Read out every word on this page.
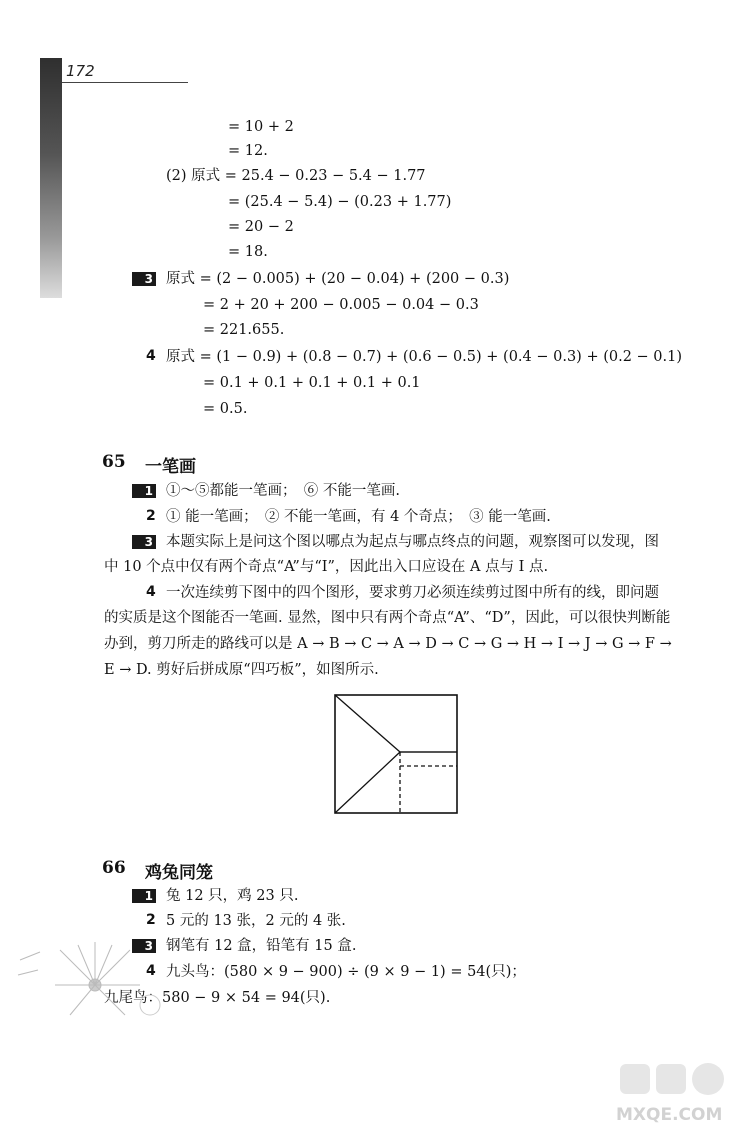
172
= 10 + 2
= 12.
(2) 原式 = 25.4 − 0.23 − 5.4 − 1.77
= (25.4 − 5.4) − (0.23 + 1.77)
= 20 − 2
= 18.
3 原式 = (2 − 0.005) + (20 − 0.04) + (200 − 0.3)
= 2 + 20 + 200 − 0.005 − 0.04 − 0.3
= 221.655.
4 原式 = (1 − 0.9) + (0.8 − 0.7) + (0.6 − 0.5) + (0.4 − 0.3) + (0.2 − 0.1)
= 0.1 + 0.1 + 0.1 + 0.1 + 0.1
= 0.5.
65 一笔画
1 ①～⑤都能一笔画；　⑥ 不能一笔画.
2 ① 能一笔画；　② 不能一笔画，有 4 个奇点；　③ 能一笔画.
3 本题实际上是问这个图以哪点为起点与哪点终点的问题，观察图可以发现，图
中 10 个点中仅有两个奇点“A”与“I”，因此出入口应设在 A 点与 I 点.
4 一次连续剪下图中的四个图形，要求剪刀必须连续剪过图中所有的线，即问题
的实质是这个图能否一笔画. 显然，图中只有两个奇点“A”、“D”，因此，可以很快判断能
办到，剪刀所走的路线可以是 A → B → C → A → D → C → G → H → I → J → G → F →
E → D. 剪好后拼成原“四巧板”，如图所示.
66 鸡兔同笼
1 兔 12 只，鸡 23 只.
2 5 元的 13 张，2 元的 4 张.
3 钢笔有 12 盒，铅笔有 15 盒.
4 九头鸟：(580 × 9 − 900) ÷ (9 × 9 − 1) = 54(只)；
九尾鸟：580 − 9 × 54 = 94(只).
MXQE.COM
